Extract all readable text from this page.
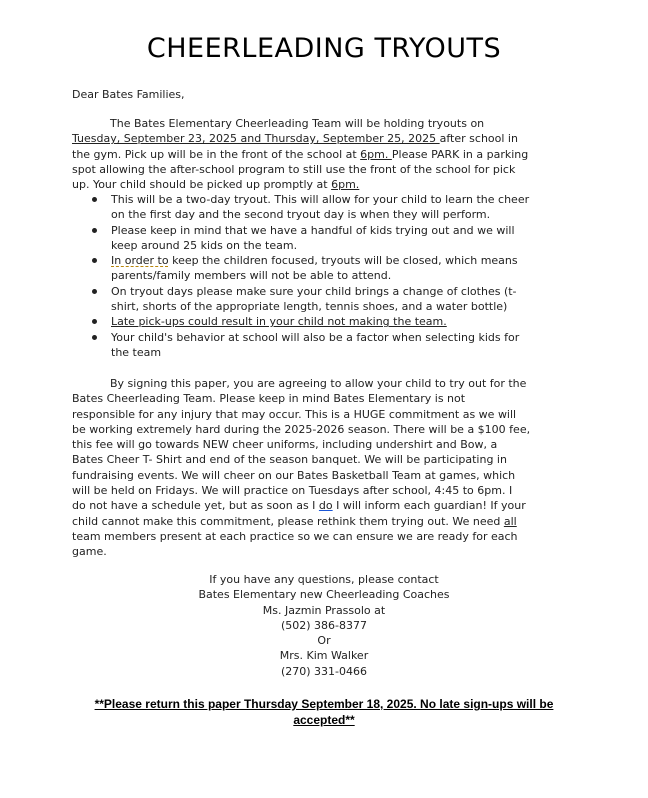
CHEERLEADING TRYOUTS
Dear Bates Families,
The Bates Elementary Cheerleading Team will be holding tryouts on
Tuesday, September 23, 2025 and Thursday, September 25, 2025 after school in
the gym. Pick up will be in the front of the school at 6pm. Please PARK in a parking
spot allowing the after-school program to still use the front of the school for pick
up. Your child should be picked up promptly at 6pm.
This will be a two-day tryout. This will allow for your child to learn the cheer
on the first day and the second tryout day is when they will perform.
Please keep in mind that we have a handful of kids trying out and we will
keep around 25 kids on the team.
In order to keep the children focused, tryouts will be closed, which means
parents/family members will not be able to attend.
On tryout days please make sure your child brings a change of clothes (t-
shirt, shorts of the appropriate length, tennis shoes, and a water bottle)
Late pick-ups could result in your child not making the team.
Your child's behavior at school will also be a factor when selecting kids for
the team
By signing this paper, you are agreeing to allow your child to try out for the
Bates Cheerleading Team. Please keep in mind Bates Elementary is not
responsible for any injury that may occur. This is a HUGE commitment as we will
be working extremely hard during the 2025-2026 season. There will be a $100 fee,
this fee will go towards NEW cheer uniforms, including undershirt and Bow, a
Bates Cheer T- Shirt and end of the season banquet. We will be participating in
fundraising events. We will cheer on our Bates Basketball Team at games, which
will be held on Fridays. We will practice on Tuesdays after school, 4:45 to 6pm. I
do not have a schedule yet, but as soon as I do I will inform each guardian! If your
child cannot make this commitment, please rethink them trying out. We need all
team members present at each practice so we can ensure we are ready for each
game.
If you have any questions, please contact
Bates Elementary new Cheerleading Coaches
Ms. Jazmin Prassolo at
(502) 386-8377
Or
Mrs. Kim Walker
(270) 331-0466
**Please return this paper Thursday September 18, 2025. No late sign-ups will be
accepted**
